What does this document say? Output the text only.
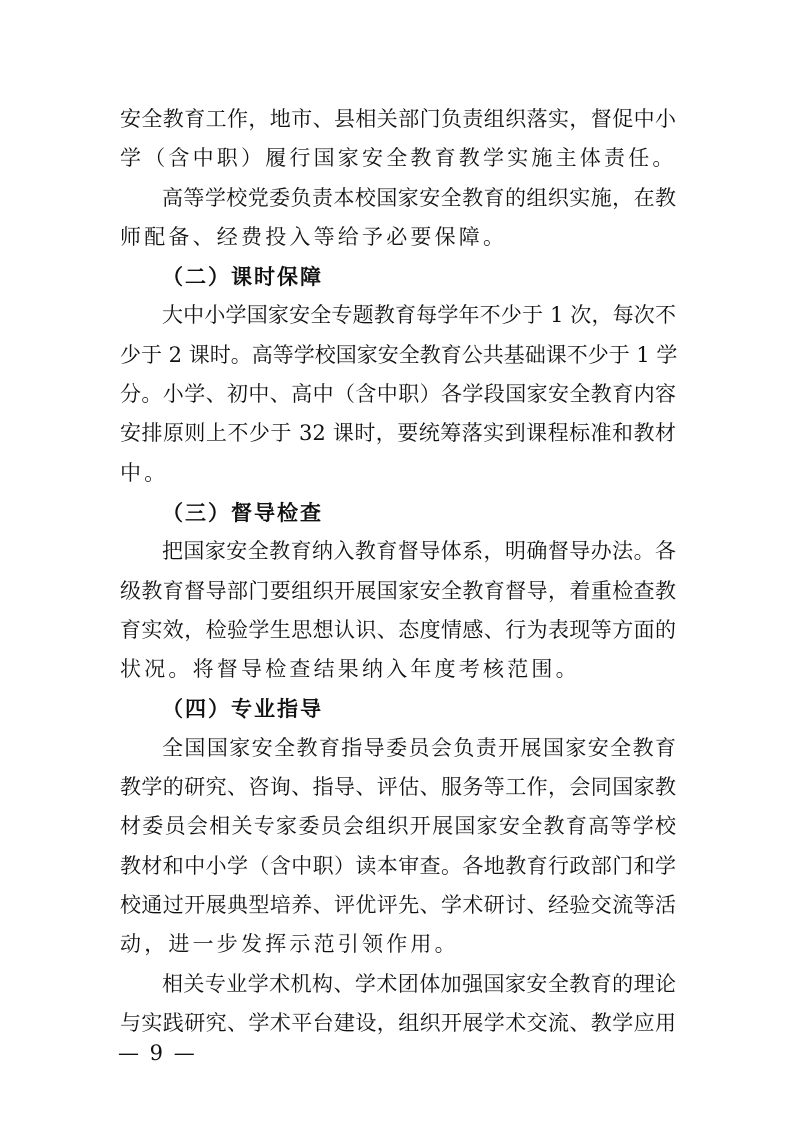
安全教育工作，地市、县相关部门负责组织落实，督促中小
学（含中职）履行国家安全教育教学实施主体责任。
高等学校党委负责本校国家安全教育的组织实施，在教
师配备、经费投入等给予必要保障。
（二）课时保障
大中小学国家安全专题教育每学年不少于 1 次，每次不
少于 2 课时。高等学校国家安全教育公共基础课不少于 1 学
分。小学、初中、高中（含中职）各学段国家安全教育内容
安排原则上不少于 32 课时，要统筹落实到课程标准和教材
中。
（三）督导检查
把国家安全教育纳入教育督导体系，明确督导办法。各
级教育督导部门要组织开展国家安全教育督导，着重检查教
育实效，检验学生思想认识、态度情感、行为表现等方面的
状况。将督导检查结果纳入年度考核范围。
（四）专业指导
全国国家安全教育指导委员会负责开展国家安全教育
教学的研究、咨询、指导、评估、服务等工作，会同国家教
材委员会相关专家委员会组织开展国家安全教育高等学校
教材和中小学（含中职）读本审查。各地教育行政部门和学
校通过开展典型培养、评优评先、学术研讨、经验交流等活
动，进一步发挥示范引领作用。
相关专业学术机构、学术团体加强国家安全教育的理论
与实践研究、学术平台建设，组织开展学术交流、教学应用
— 9 —
